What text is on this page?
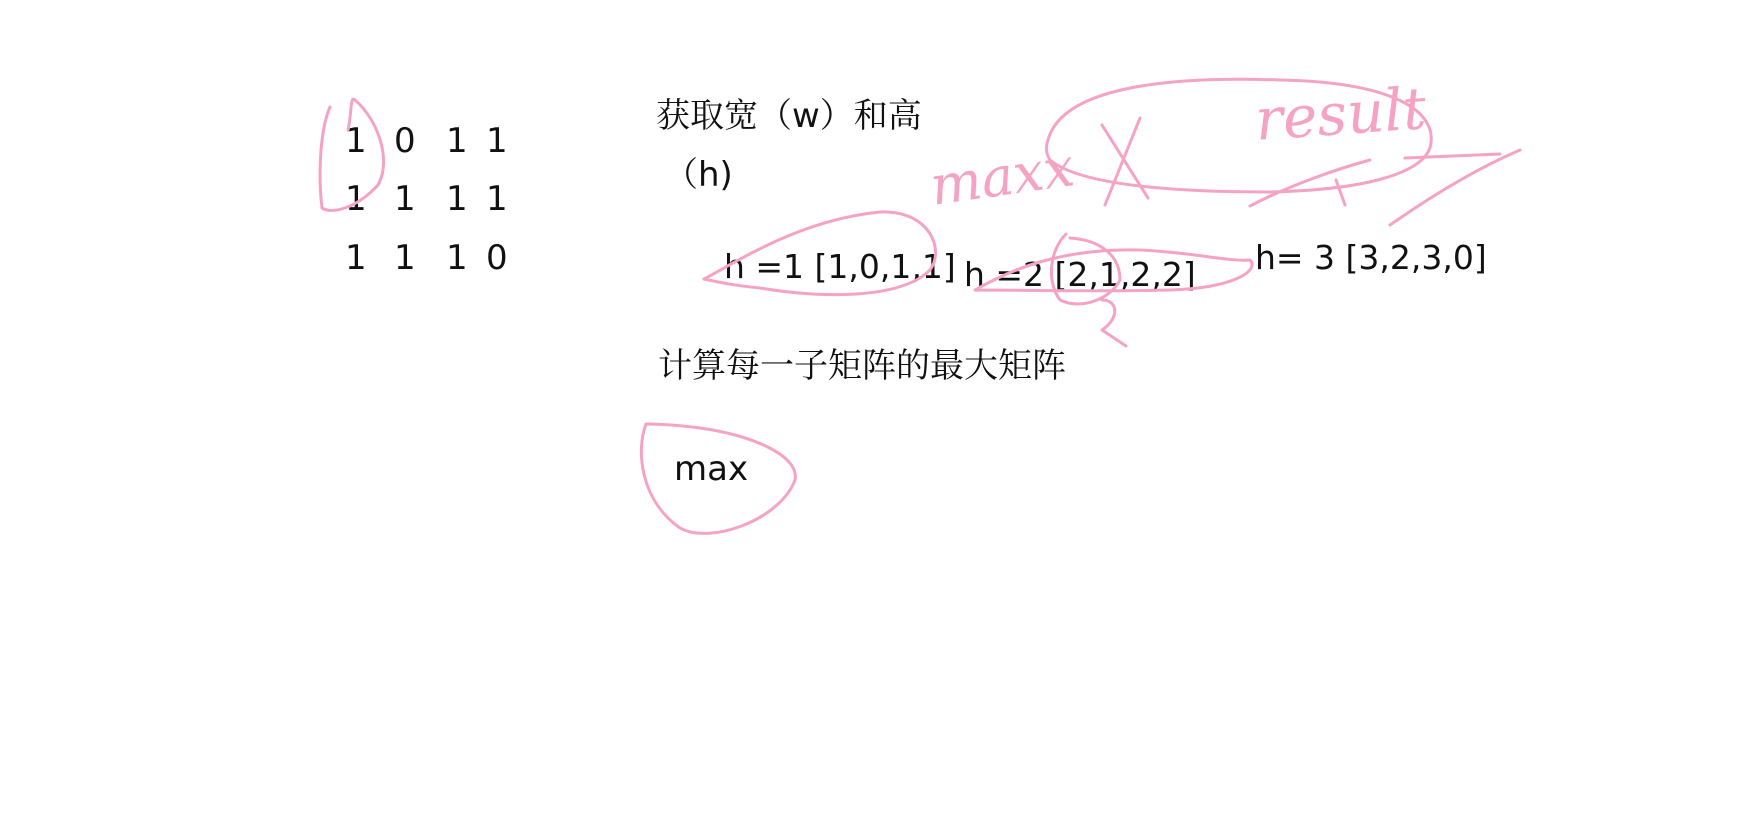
1 0 1 1
1 1 1 1
1 1 1 0
获取宽（w）和高
（h)
h =1 [1,0,1,1] h =2 [2,1,2,2] h= 3 [3,2,3,0]
计算每一子矩阵的最大矩阵
max
maxx
result
